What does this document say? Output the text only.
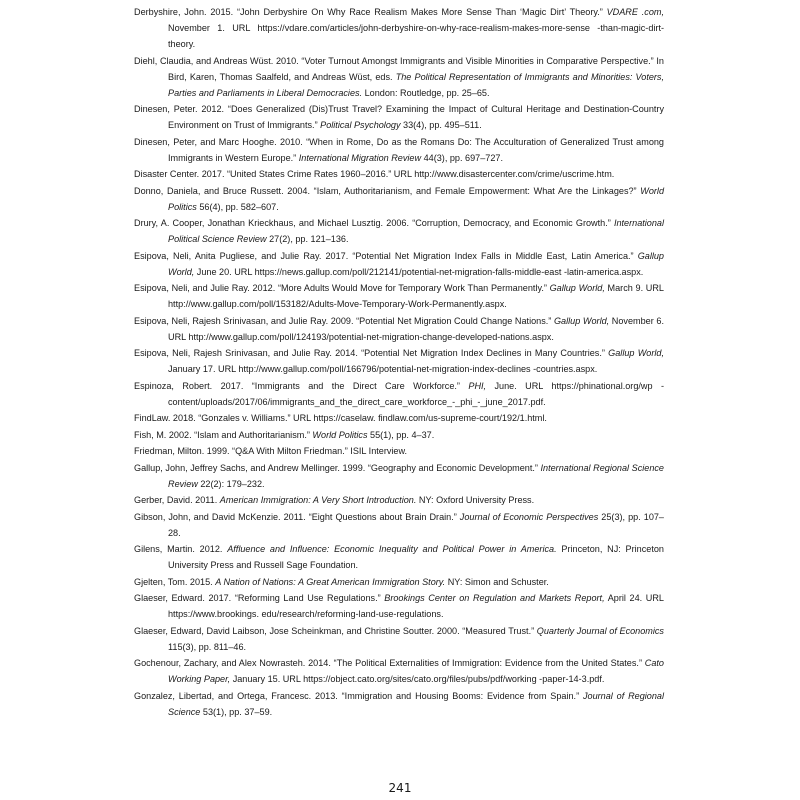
Derbyshire, John. 2015. “John Derbyshire On Why Race Realism Makes More Sense Than ‘Magic Dirt’ Theory.” VDARE .com, November 1. URL https://vdare.com/articles/john-derbyshire-on-why-race-realism-makes-more-sense -than-magic-dirt-theory.

Diehl, Claudia, and Andreas Wüst. 2010. “Voter Turnout Amongst Immigrants and Visible Minorities in Comparative Perspective.” In Bird, Karen, Thomas Saalfeld, and Andreas Wüst, eds. The Political Representation of Immigrants and Minorities: Voters, Parties and Parliaments in Liberal Democracies. London: Routledge, pp. 25–65.

Dinesen, Peter. 2012. “Does Generalized (Dis)Trust Travel? Examining the Impact of Cultural Heritage and Destination-Country Environment on Trust of Immigrants.” Political Psychology 33(4), pp. 495–511.

Dinesen, Peter, and Marc Hooghe. 2010. “When in Rome, Do as the Romans Do: The Acculturation of Generalized Trust among Immigrants in Western Europe.” International Migration Review 44(3), pp. 697–727.

Disaster Center. 2017. “United States Crime Rates 1960–2016.” URL http://www.disastercenter.com/crime/uscrime.htm.

Donno, Daniela, and Bruce Russett. 2004. “Islam, Authoritarianism, and Female Empowerment: What Are the Linkages?” World Politics 56(4), pp. 582–607.

Drury, A. Cooper, Jonathan Krieckhaus, and Michael Lusztig. 2006. “Corruption, Democracy, and Economic Growth.” International Political Science Review 27(2), pp. 121–136.

Esipova, Neli, Anita Pugliese, and Julie Ray. 2017. “Potential Net Migration Index Falls in Middle East, Latin America.” Gallup World, June 20. URL https://news.gallup.com/poll/212141/potential-net-migration-falls-middle-east -latin-america.aspx.

Esipova, Neli, and Julie Ray. 2012. “More Adults Would Move for Temporary Work Than Permanently.” Gallup World, March 9. URL http://www.gallup.com/poll/153182/Adults-Move-Temporary-Work-Permanently.aspx.

Esipova, Neli, Rajesh Srinivasan, and Julie Ray. 2009. “Potential Net Migration Could Change Nations.” Gallup World, November 6. URL http://www.gallup.com/poll/124193/potential-net-migration-change-developed-nations.aspx.

Esipova, Neli, Rajesh Srinivasan, and Julie Ray. 2014. “Potential Net Migration Index Declines in Many Countries.” Gallup World, January 17. URL http://www.gallup.com/poll/166796/potential-net-migration-index-declines -countries.aspx.

Espinoza, Robert. 2017. “Immigrants and the Direct Care Workforce.” PHI, June. URL https://phinational.org/wp -content/uploads/2017/06/immigrants_and_the_direct_care_workforce_-_phi_-_june_2017.pdf.

FindLaw. 2018. “Gonzales v. Williams.” URL https://caselaw. findlaw.com/us-supreme-court/192/1.html.

Fish, M. 2002. “Islam and Authoritarianism.” World Politics 55(1), pp. 4–37.

Friedman, Milton. 1999. “Q&A With Milton Friedman.” ISIL Interview.

Gallup, John, Jeffrey Sachs, and Andrew Mellinger. 1999. “Geography and Economic Development.” International Regional Science Review 22(2): 179–232.

Gerber, David. 2011. American Immigration: A Very Short Introduction. NY: Oxford University Press.

Gibson, John, and David McKenzie. 2011. “Eight Questions about Brain Drain.” Journal of Economic Perspectives 25(3), pp. 107–28.

Gilens, Martin. 2012. Affluence and Influence: Economic Inequality and Political Power in America. Princeton, NJ: Princeton University Press and Russell Sage Foundation.

Gjelten, Tom. 2015. A Nation of Nations: A Great American Immigration Story. NY: Simon and Schuster.

Glaeser, Edward. 2017. “Reforming Land Use Regulations.” Brookings Center on Regulation and Markets Report, April 24. URL https://www.brookings. edu/research/reforming-land-use-regulations.

Glaeser, Edward, David Laibson, Jose Scheinkman, and Christine Soutter. 2000. “Measured Trust.” Quarterly Journal of Economics 115(3), pp. 811–46.

Gochenour, Zachary, and Alex Nowrasteh. 2014. “The Political Externalities of Immigration: Evidence from the United States.” Cato Working Paper, January 15. URL https://object.cato.org/sites/cato.org/files/pubs/pdf/working -paper-14-3.pdf.

Gonzalez, Libertad, and Ortega, Francesc. 2013. “Immigration and Housing Booms: Evidence from Spain.” Journal of Regional Science 53(1), pp. 37–59.

241
